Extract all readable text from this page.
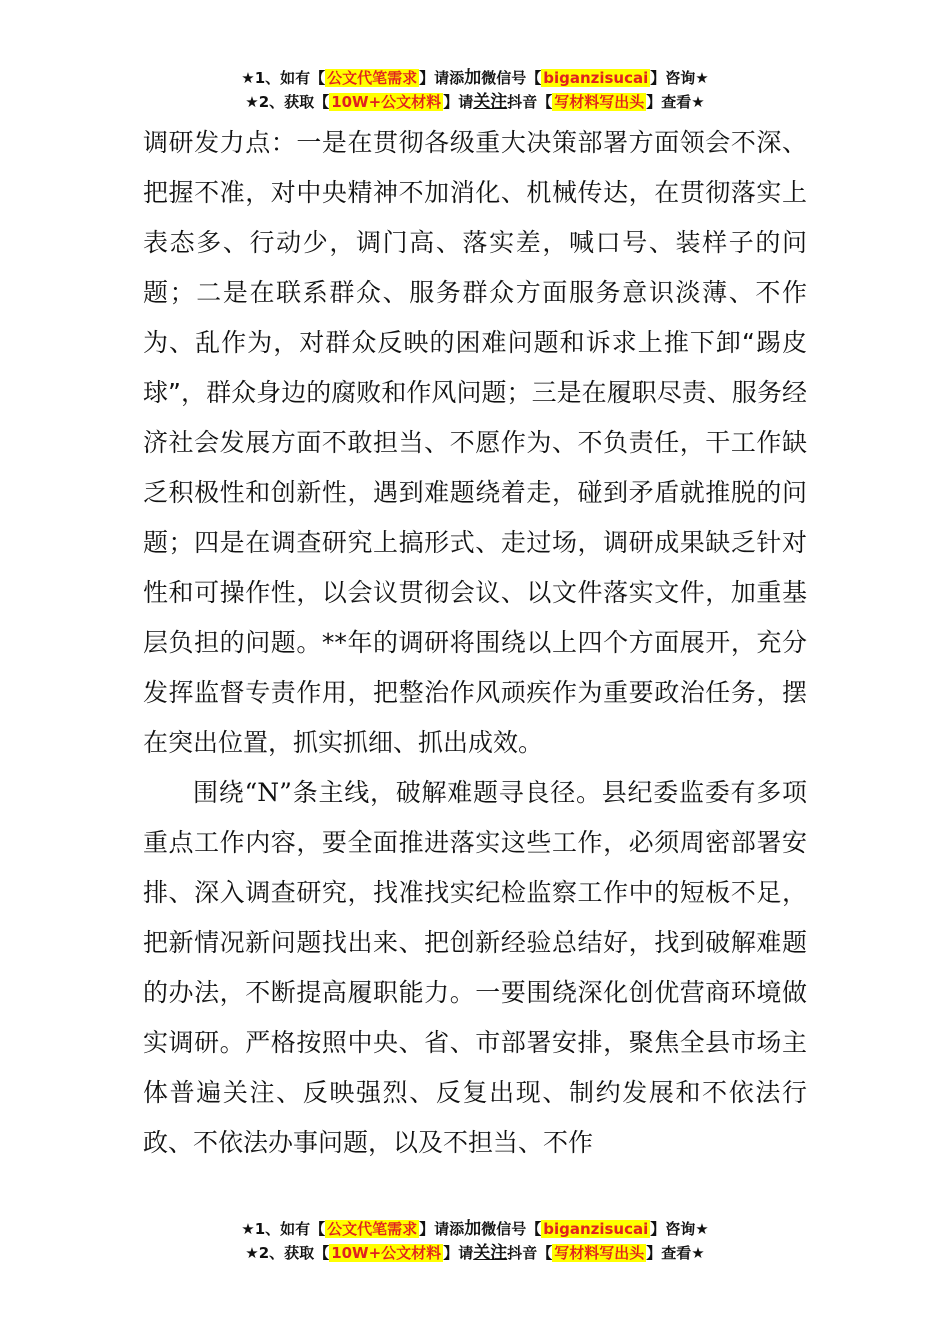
★1、如有【 公文代笔需求 】请添加微信号【 biganzisucai 】咨询★
★2、获取【 10W+公文材料 】请关注抖音【 写材料写出头 】查看★

调研发力点：一是在贯彻各级重大决策部署方面领会不深、把握不准，对中央精神不加消化、机械传达，在贯彻落实上表态多、行动少，调门高、落实差，喊口号、装样子的问题；二是在联系群众、服务群众方面服务意识淡薄、不作为、乱作为，对群众反映的困难问题和诉求上推下卸“踢皮球”，群众身边的腐败和作风问题；三是在履职尽责、服务经济社会发展方面不敢担当、不愿作为、不负责任，干工作缺乏积极性和创新性，遇到难题绕着走，碰到矛盾就推脱的问题；四是在调查研究上搞形式、走过场，调研成果缺乏针对性和可操作性，以会议贯彻会议、以文件落实文件，加重基层负担的问题。**年的调研将围绕以上四个方面展开，充分发挥监督专责作用，把整治作风顽疾作为重要政治任务，摆在突出位置，抓实抓细、抓出成效。

围绕“N”条主线，破解难题寻良径。县纪委监委有多项重点工作内容，要全面推进落实这些工作，必须周密部署安排、深入调查研究，找准找实纪检监察工作中的短板不足，把新情况新问题找出来、把创新经验总结好，找到破解难题的办法，不断提高履职能力。一要围绕深化创优营商环境做实调研。严格按照中央、省、市部署安排，聚焦全县市场主体普遍关注、反映强烈、反复出现、制约发展和不依法行政、不依法办事问题，以及不担当、不作

★1、如有【 公文代笔需求 】请添加微信号【 biganzisucai 】咨询★
★2、获取【 10W+公文材料 】请关注抖音【 写材料写出头 】查看★
